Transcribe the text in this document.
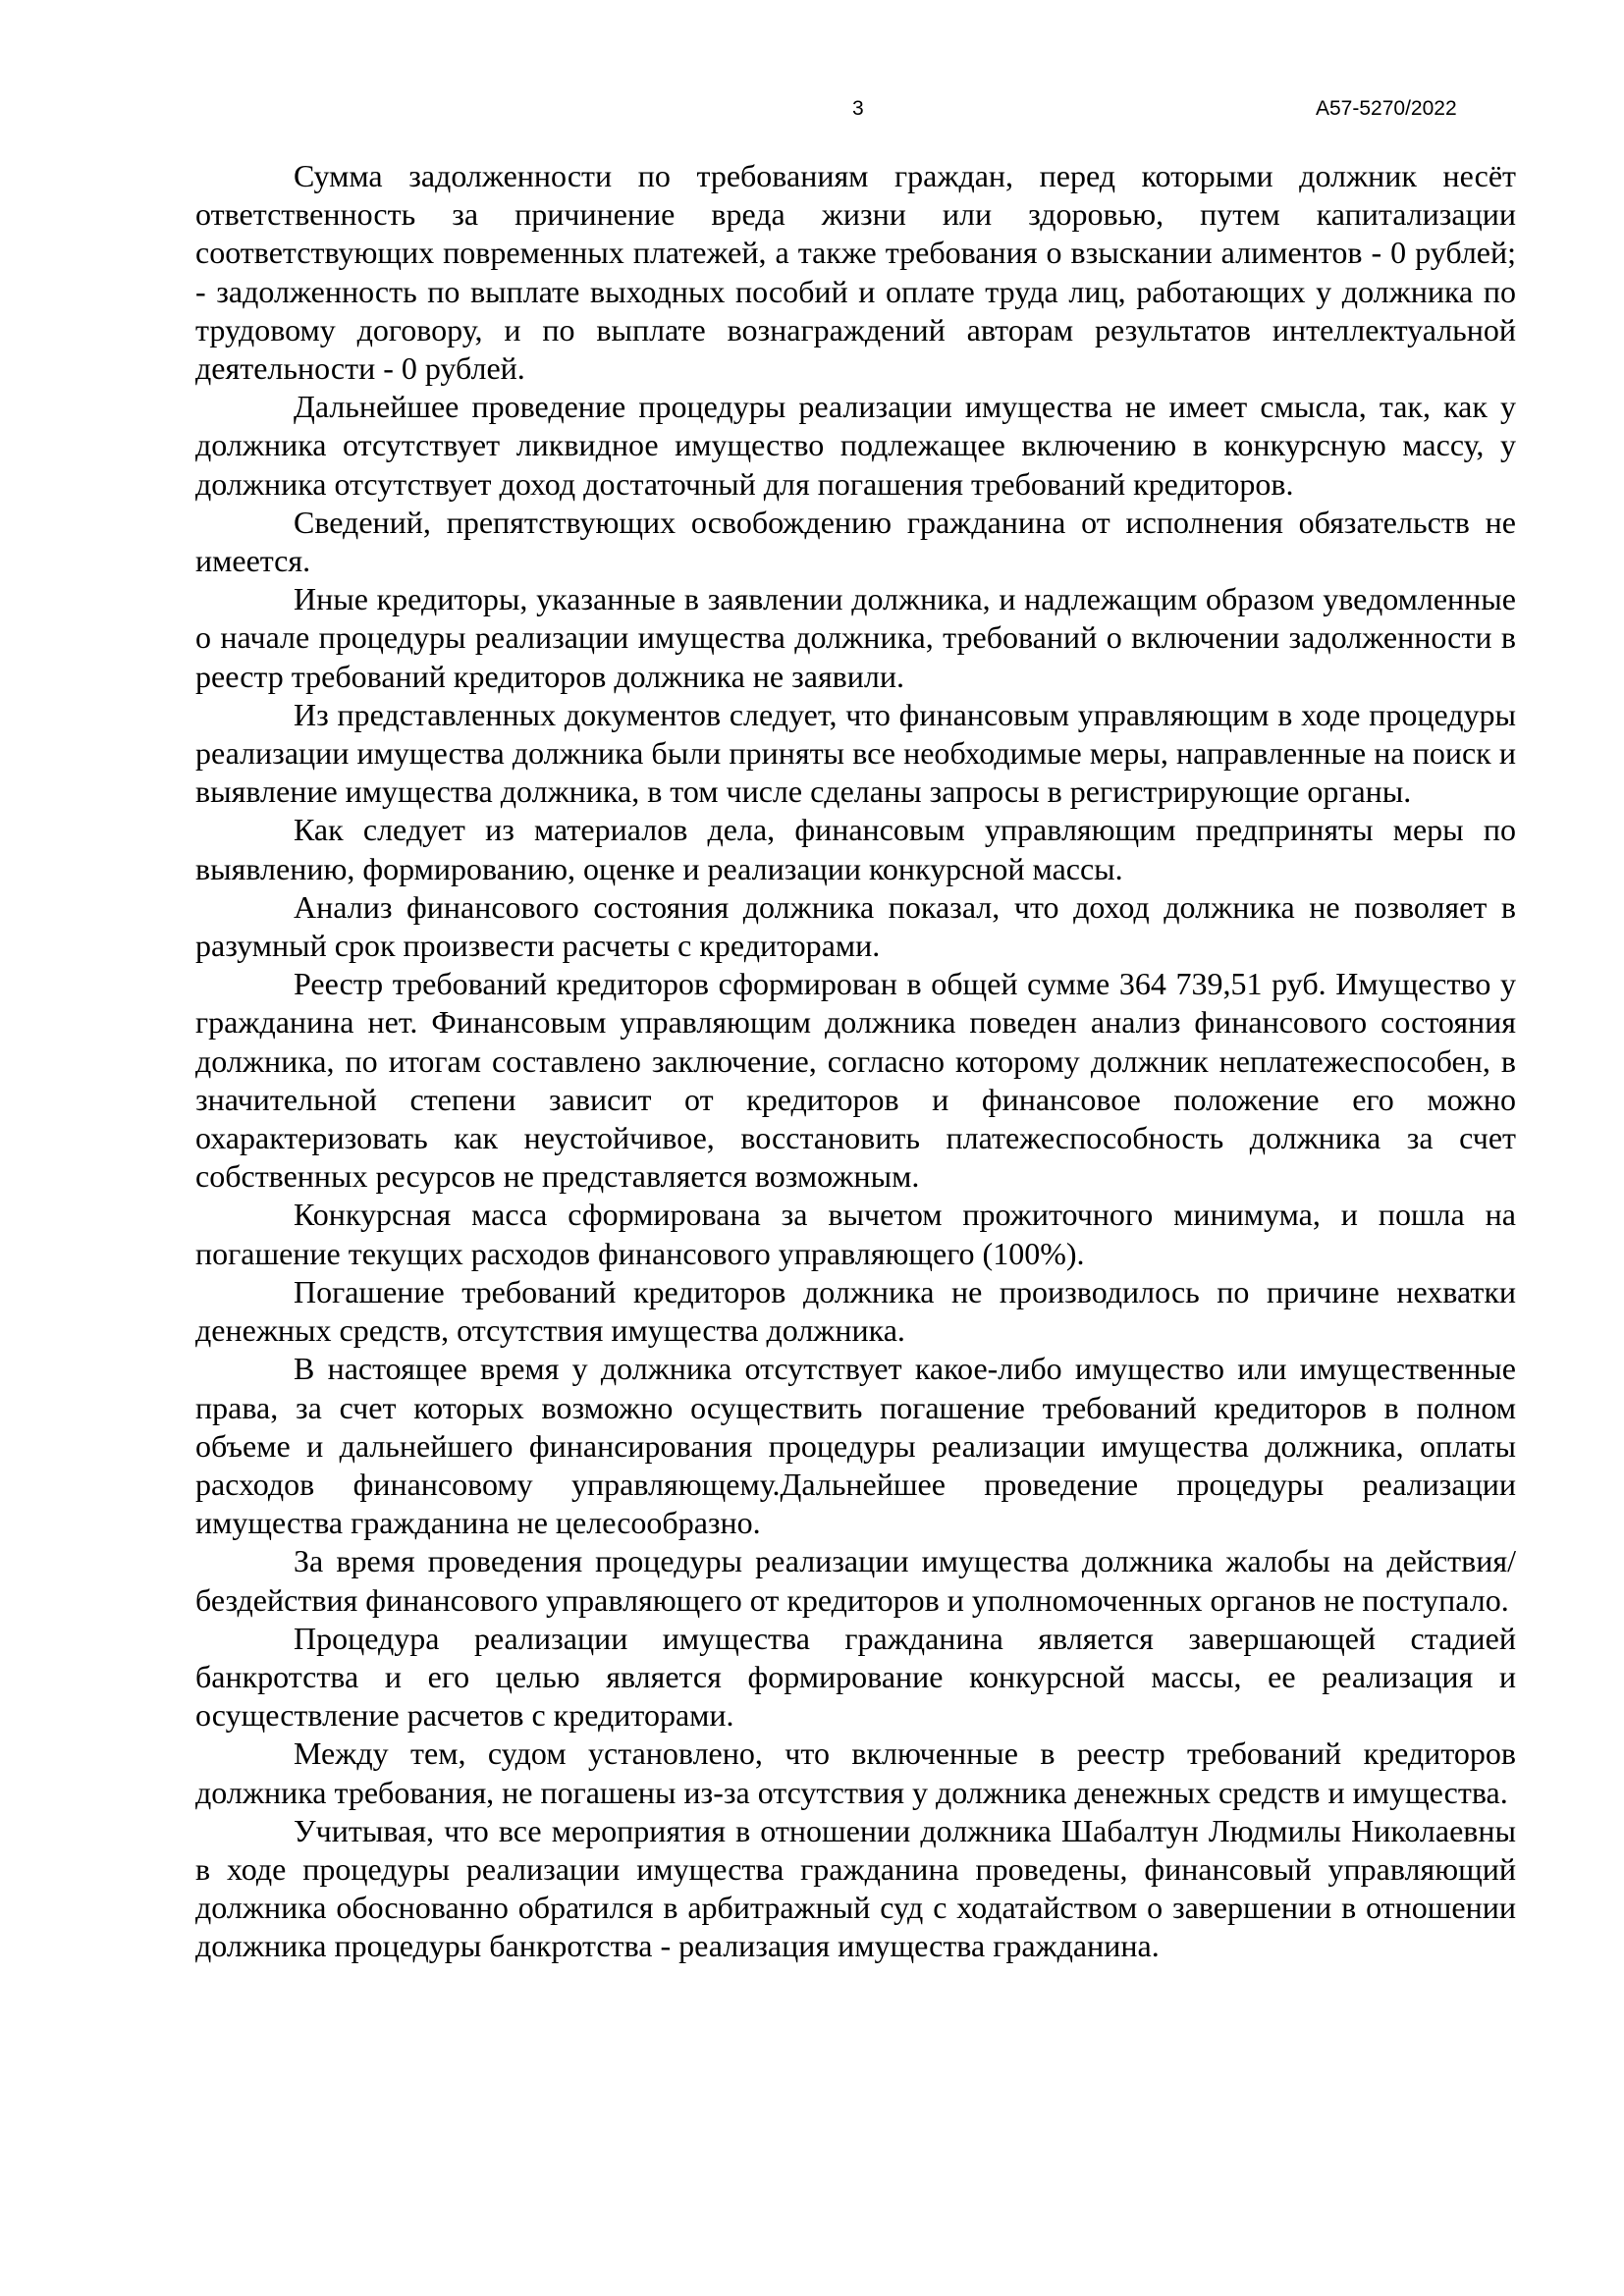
3	А57-5270/2022

Сумма задолженности по требованиям граждан, перед которыми должник несёт ответственность за причинение вреда жизни или здоровью, путем капитализации соответствующих повременных платежей, а также требования о взыскании алиментов - 0 рублей; - задолженность по выплате выходных пособий и оплате труда лиц, работающих у должника по трудовому договору, и по выплате вознаграждений авторам результатов интеллектуальной деятельности - 0 рублей.

Дальнейшее проведение процедуры реализации имущества не имеет смысла, так, как у должника отсутствует ликвидное имущество подлежащее включению в конкурсную массу, у должника отсутствует доход достаточный для погашения требований кредиторов.

Сведений, препятствующих освобождению гражданина от исполнения обязательств не имеется.

Иные кредиторы, указанные в заявлении должника, и надлежащим образом уведомленные о начале процедуры реализации имущества должника, требований о включении задолженности в реестр требований кредиторов должника не заявили.

Из представленных документов следует, что финансовым управляющим в ходе процедуры реализации имущества должника были приняты все необходимые меры, направленные на поиск и выявление имущества должника, в том числе сделаны запросы в регистрирующие органы.

Как следует из материалов дела, финансовым управляющим предприняты меры по выявлению, формированию, оценке и реализации конкурсной массы.

Анализ финансового состояния должника показал, что доход должника не позволяет в разумный срок произвести расчеты с кредиторами.

Реестр требований кредиторов сформирован в общей сумме 364 739,51 руб. Имущество у гражданина нет. Финансовым управляющим должника поведен анализ финансового состояния должника, по итогам составлено заключение, согласно которому должник неплатежеспособен, в значительной степени зависит от кредиторов и финансовое положение его можно охарактеризовать как неустойчивое, восстановить платежеспособность должника за счет собственных ресурсов не представляется возможным.

Конкурсная масса сформирована за вычетом прожиточного минимума, и пошла на погашение текущих расходов финансового управляющего (100%).

Погашение требований кредиторов должника не производилось по причине нехватки денежных средств, отсутствия имущества должника.

В настоящее время у должника отсутствует какое-либо имущество или имущественные права, за счет которых возможно осуществить погашение требований кредиторов в полном объеме и дальнейшего финансирования процедуры реализации имущества должника, оплаты расходов финансовому управляющему.Дальнейшее проведение процедуры реализации имущества гражданина не целесообразно.

За время проведения процедуры реализации имущества должника жалобы на действия/бездействия финансового управляющего от кредиторов и уполномоченных органов не поступало.

Процедура реализации имущества гражданина является завершающей стадией банкротства и его целью является формирование конкурсной массы, ее реализация и осуществление расчетов с кредиторами.

Между тем, судом установлено, что включенные в реестр требований кредиторов должника требования, не погашены из-за отсутствия у должника денежных средств и имущества.

Учитывая, что все мероприятия в отношении должника Шабалтун Людмилы Николаевны в ходе процедуры реализации имущества гражданина проведены, финансовый управляющий должника обоснованно обратился в арбитражный суд с ходатайством о завершении в отношении должника процедуры банкротства - реализация имущества гражданина.
